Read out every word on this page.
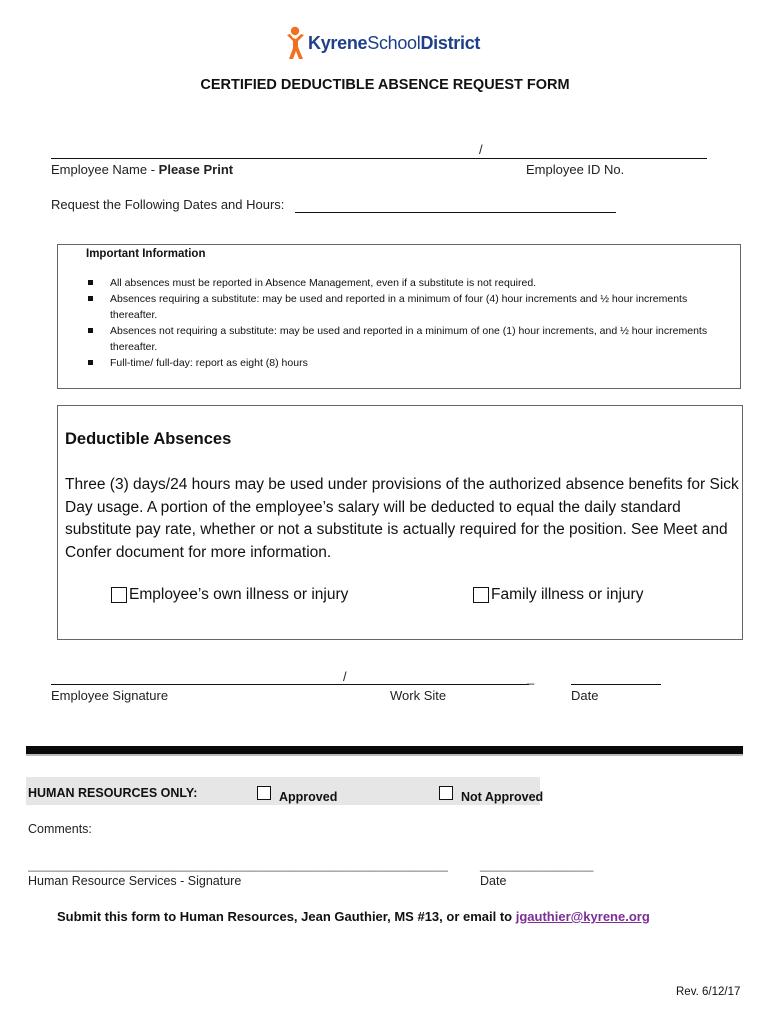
KyreneSchoolDistrict
CERTIFIED DEDUCTIBLE ABSENCE REQUEST FORM
/
Employee Name - Please Print	Employee ID No.
Request the Following Dates and Hours:
Important Information
All absences must be reported in Absence Management, even if a substitute is not required.
Absences requiring a substitute: may be used and reported in a minimum of four (4) hour increments and ½ hour increments thereafter.
Absences not requiring a substitute: may be used and reported in a minimum of one (1) hour increments, and ½ hour increments thereafter.
Full-time/ full-day: report as eight (8) hours
Deductible Absences
Three (3) days/24 hours may be used under provisions of the authorized absence benefits for Sick Day usage. A portion of the employee’s salary will be deducted to equal the daily standard substitute pay rate, whether or not a substitute is actually required for the position. See Meet and Confer document for more information.
Employee’s own illness or injury	Family illness or injury
/	_
Employee Signature	Work Site	Date
HUMAN RESOURCES ONLY:	Approved	Not Approved
Comments:
_______________________________________________________________	_________________
Human Resource Services - Signature	Date
Submit this form to Human Resources, Jean Gauthier, MS #13, or email to jgauthier@kyrene.org
Rev. 6/12/17
